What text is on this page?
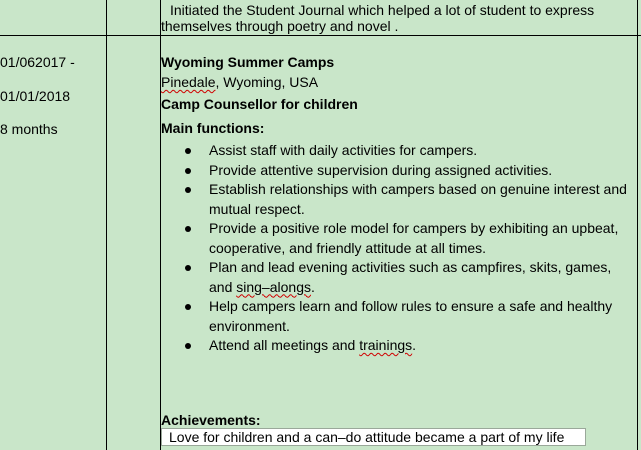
Initiated the Student Journal which helped a lot of student to express
themselves through poetry and novel .
01/062017 -
01/01/2018
8 months
Wyoming Summer Camps
Pinedale, Wyoming, USA
Camp Counsellor for children
Main functions:
Assist staff with daily activities for campers.
Provide attentive supervision during assigned activities.
Establish relationships with campers based on genuine interest and mutual respect.
Provide a positive role model for campers by exhibiting an upbeat, cooperative, and friendly attitude at all times.
Plan and lead evening activities such as campfires, skits, games, and sing–alongs.
Help campers learn and follow rules to ensure a safe and healthy environment.
Attend all meetings and trainings.
Achievements:
Love for children and a can–do attitude became a part of my life
